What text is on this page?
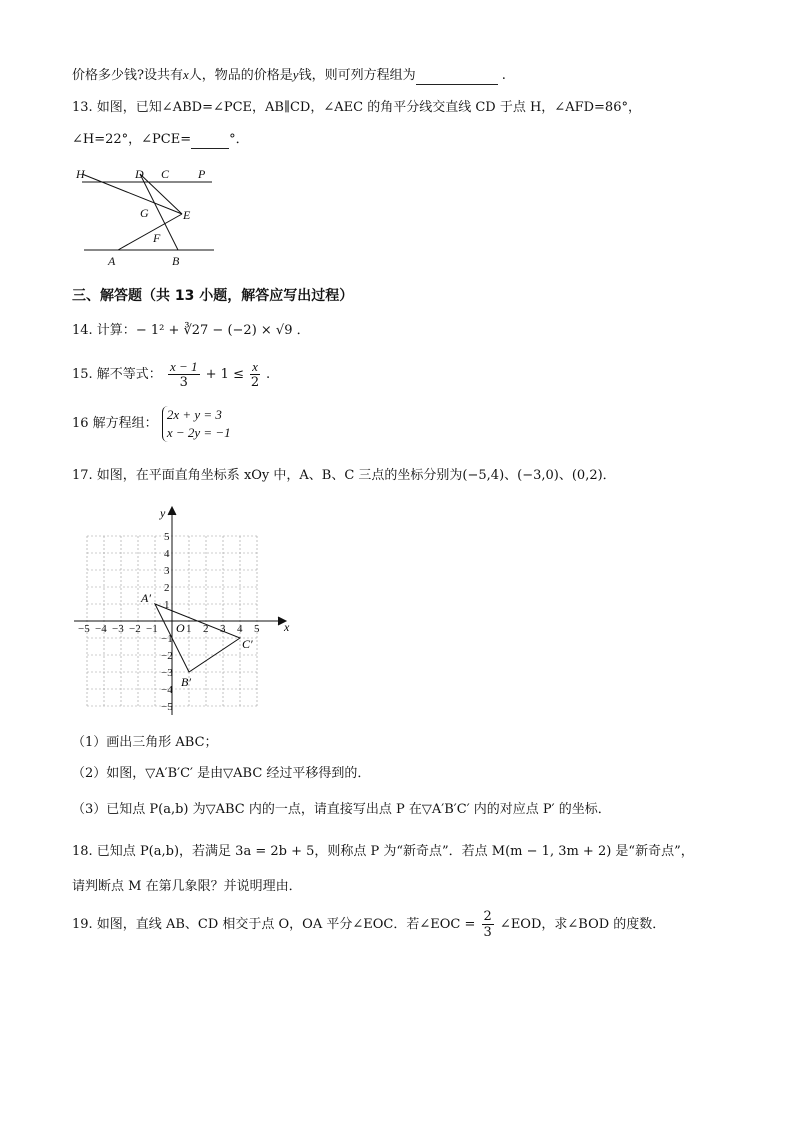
价格多少钱?设共有x人，物品的价格是y钱，则可列方程组为	.
13. 如图，已知∠ABD=∠PCE，AB∥CD，∠AEC 的角平分线交直线 CD 于点 H，∠AFD=86°，
∠H=22°，∠PCE=	°．
H	D C P
G	E
F
A	B
三、解答题（共 13 小题，解答应写出过程）
14. 计算：− 1² + ∛27 − (−2) × √9 ．
15. 解不等式： $\frac{x - 1}{3} + 1 \le \frac{x}{2}$ .
16 解方程组：
2x + y = 3
x − 2y = −1
17. 如图，在平面直角坐标系 xOy 中，A、B、C 三点的坐标分别为(−5,4)、(−3,0)、(0,2)．
−5 −4 −3 −2 −1	1 2 3 4 5
5
4
3
2
1
−1
−2
−3
−4
−5
A′
B′
C′
x
y
O
（1）画出三角形 ABC；
（2）如图，▽A′B′C′ 是由▽ABC 经过平移得到的．
（3）已知点 P(a,b) 为▽ABC 内的一点，请直接写出点 P 在▽A′B′C′ 内的对应点 P′ 的坐标．
18. 已知点 P(a,b)，若满足 3a = 2b + 5，则称点 P 为“新奇点”．若点 M(m − 1, 3m + 2) 是“新奇点”，
请判断点 M 在第几象限？并说明理由．
19. 如图，直线 AB、CD 相交于点 O，OA 平分∠EOC．若∠EOC = $\frac{2}{3}$ ∠EOD，求∠BOD 的度数．
